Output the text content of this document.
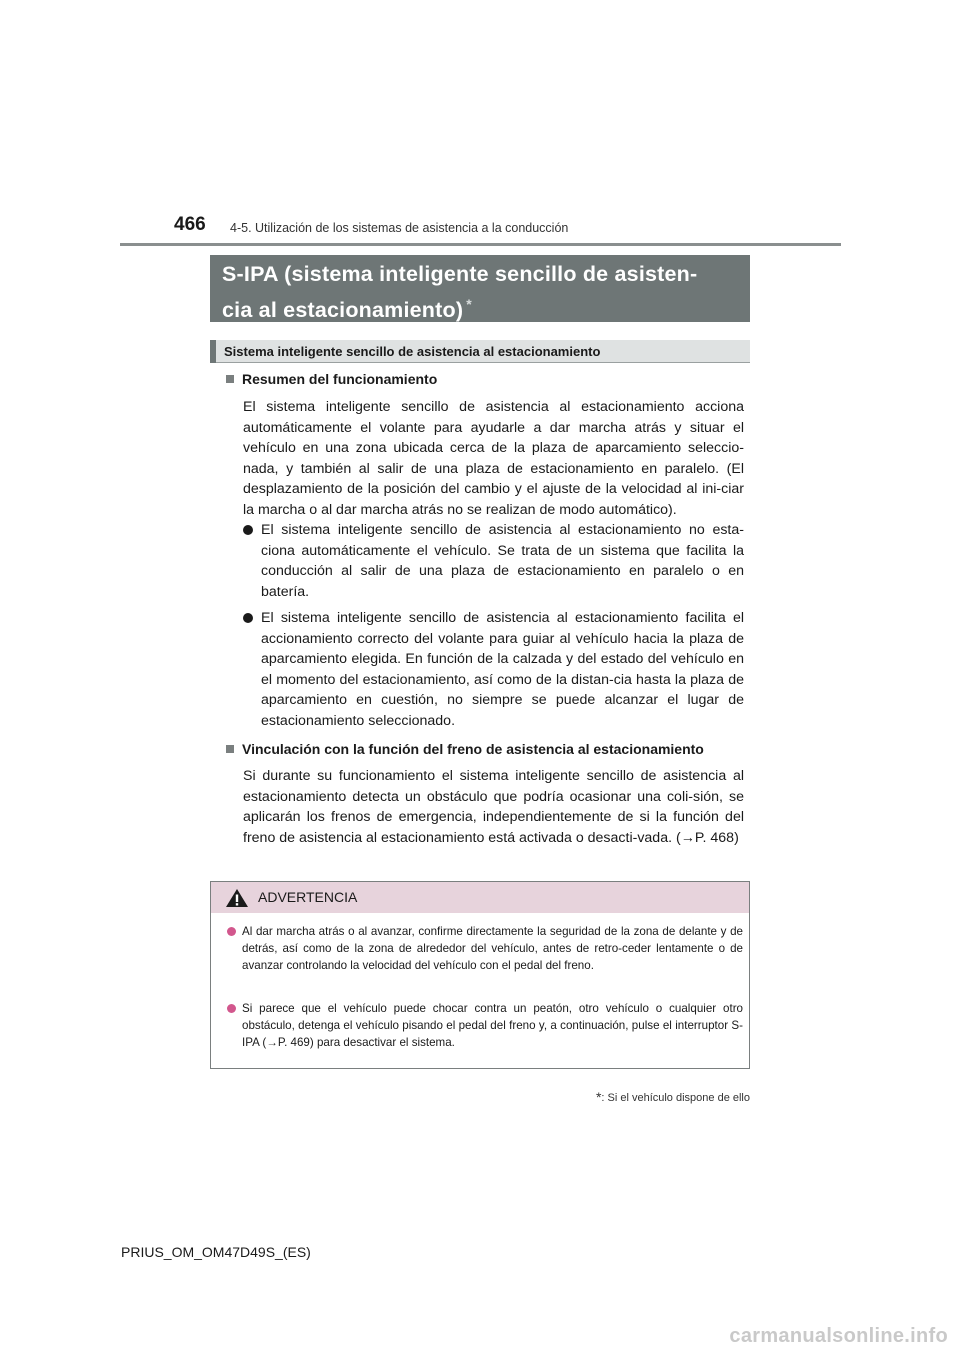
466 4-5. Utilización de los sistemas de asistencia a la conducción
S-IPA (sistema inteligente sencillo de asisten-
cia al estacionamiento) *
Sistema inteligente sencillo de asistencia al estacionamiento
Resumen del funcionamiento
El sistema inteligente sencillo de asistencia al estacionamiento acciona automáticamente el volante para ayudarle a dar marcha atrás y situar el vehículo en una zona ubicada cerca de la plaza de aparcamiento seleccio-nada, y también al salir de una plaza de estacionamiento en paralelo. (El desplazamiento de la posición del cambio y el ajuste de la velocidad al ini-ciar la marcha o al dar marcha atrás no se realizan de modo automático).
El sistema inteligente sencillo de asistencia al estacionamiento no esta-ciona automáticamente el vehículo. Se trata de un sistema que facilita la conducción al salir de una plaza de estacionamiento en paralelo o en batería.
El sistema inteligente sencillo de asistencia al estacionamiento facilita el accionamiento correcto del volante para guiar al vehículo hacia la plaza de aparcamiento elegida. En función de la calzada y del estado del vehículo en el momento del estacionamiento, así como de la distan-cia hasta la plaza de aparcamiento en cuestión, no siempre se puede alcanzar el lugar de estacionamiento seleccionado.
Vinculación con la función del freno de asistencia al estacionamiento
Si durante su funcionamiento el sistema inteligente sencillo de asistencia al estacionamiento detecta un obstáculo que podría ocasionar una coli-sión, se aplicarán los frenos de emergencia, independientemente de si la función del freno de asistencia al estacionamiento está activada o desacti-vada. (→P. 468)
ADVERTENCIA
Al dar marcha atrás o al avanzar, confirme directamente la seguridad de la zona de delante y de detrás, así como de la zona de alrededor del vehículo, antes de retro-ceder lentamente o de avanzar controlando la velocidad del vehículo con el pedal del freno.
Si parece que el vehículo puede chocar contra un peatón, otro vehículo o cualquier otro obstáculo, detenga el vehículo pisando el pedal del freno y, a continuación, pulse el interruptor S-IPA (→P. 469) para desactivar el sistema.
*: Si el vehículo dispone de ello
PRIUS_OM_OM47D49S_(ES)
carmanualsonline.info
